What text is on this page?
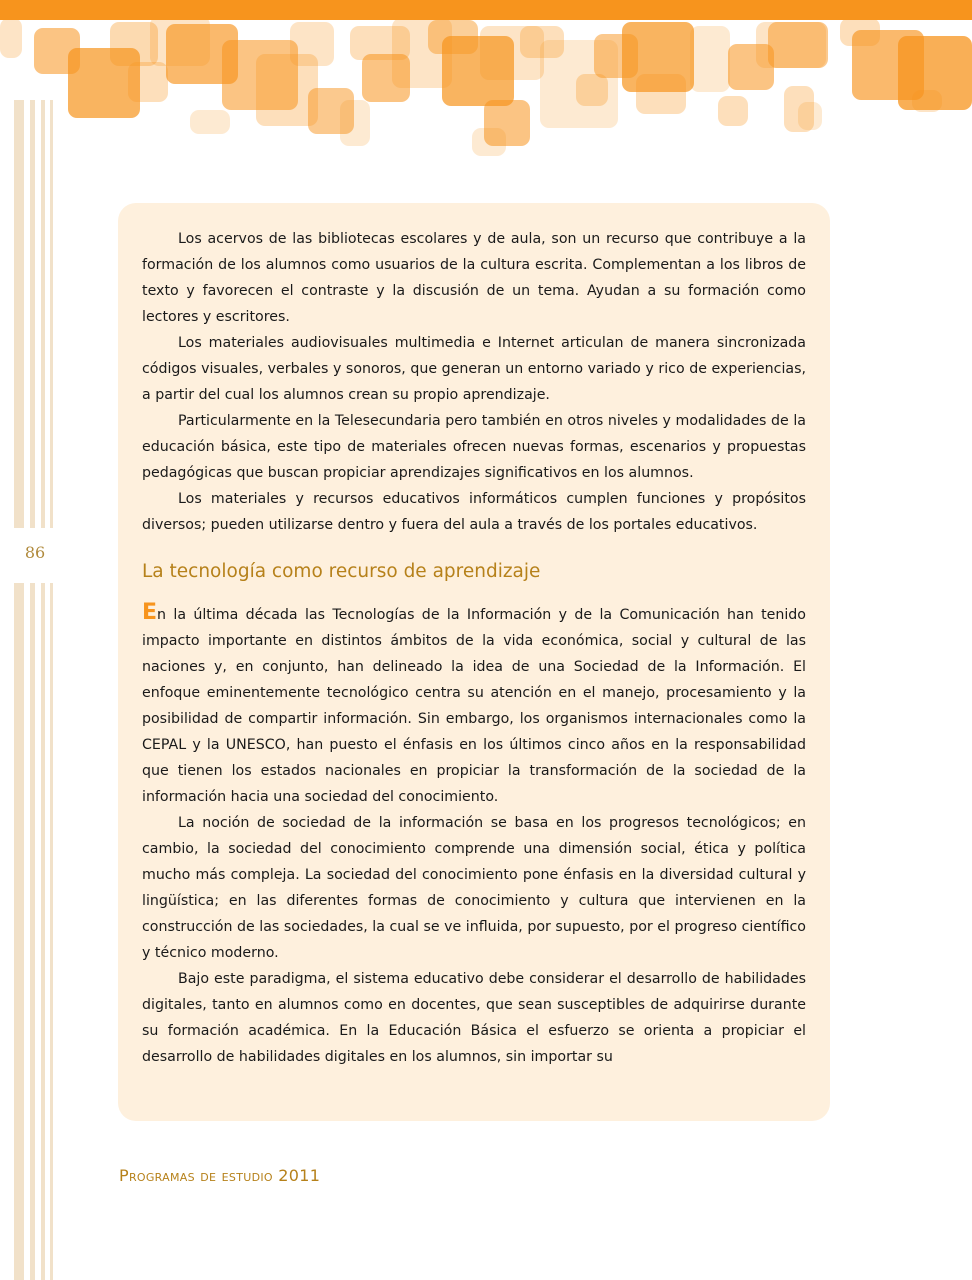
86

Los acervos de las bibliotecas escolares y de aula, son un recurso que contribuye a la formación de los alumnos como usuarios de la cultura escrita. Complementan a los libros de texto y favorecen el contraste y la discusión de un tema. Ayudan a su formación como lectores y escritores.

Los materiales audiovisuales multimedia e Internet articulan de manera sincronizada códigos visuales, verbales y sonoros, que generan un entorno variado y rico de experiencias, a partir del cual los alumnos crean su propio aprendizaje.

Particularmente en la Telesecundaria pero también en otros niveles y modalidades de la educación básica, este tipo de materiales ofrecen nuevas formas, escenarios y propuestas pedagógicas que buscan propiciar aprendizajes significativos en los alumnos.

Los materiales y recursos educativos informáticos cumplen funciones y propósitos diversos; pueden utilizarse dentro y fuera del aula a través de los portales educativos.

La tecnología como recurso de aprendizaje

En la última década las Tecnologías de la Información y de la Comunicación han tenido impacto importante en distintos ámbitos de la vida económica, social y cultural de las naciones y, en conjunto, han delineado la idea de una Sociedad de la Información. El enfoque eminentemente tecnológico centra su atención en el manejo, procesamiento y la posibilidad de compartir información. Sin embargo, los organismos internacionales como la CEPAL y la UNESCO, han puesto el énfasis en los últimos cinco años en la responsabilidad que tienen los estados nacionales en propiciar la transformación de la sociedad de la información hacia una sociedad del conocimiento.

La noción de sociedad de la información se basa en los progresos tecnológicos; en cambio, la sociedad del conocimiento comprende una dimensión social, ética y política mucho más compleja. La sociedad del conocimiento pone énfasis en la diversidad cultural y lingüística; en las diferentes formas de conocimiento y cultura que intervienen en la construcción de las sociedades, la cual se ve influida, por supuesto, por el progreso científico y técnico moderno.

Bajo este paradigma, el sistema educativo debe considerar el desarrollo de habilidades digitales, tanto en alumnos como en docentes, que sean susceptibles de adquirirse durante su formación académica. En la Educación Básica el esfuerzo se orienta a propiciar el desarrollo de habilidades digitales en los alumnos, sin importar su

Programas de estudio 2011
